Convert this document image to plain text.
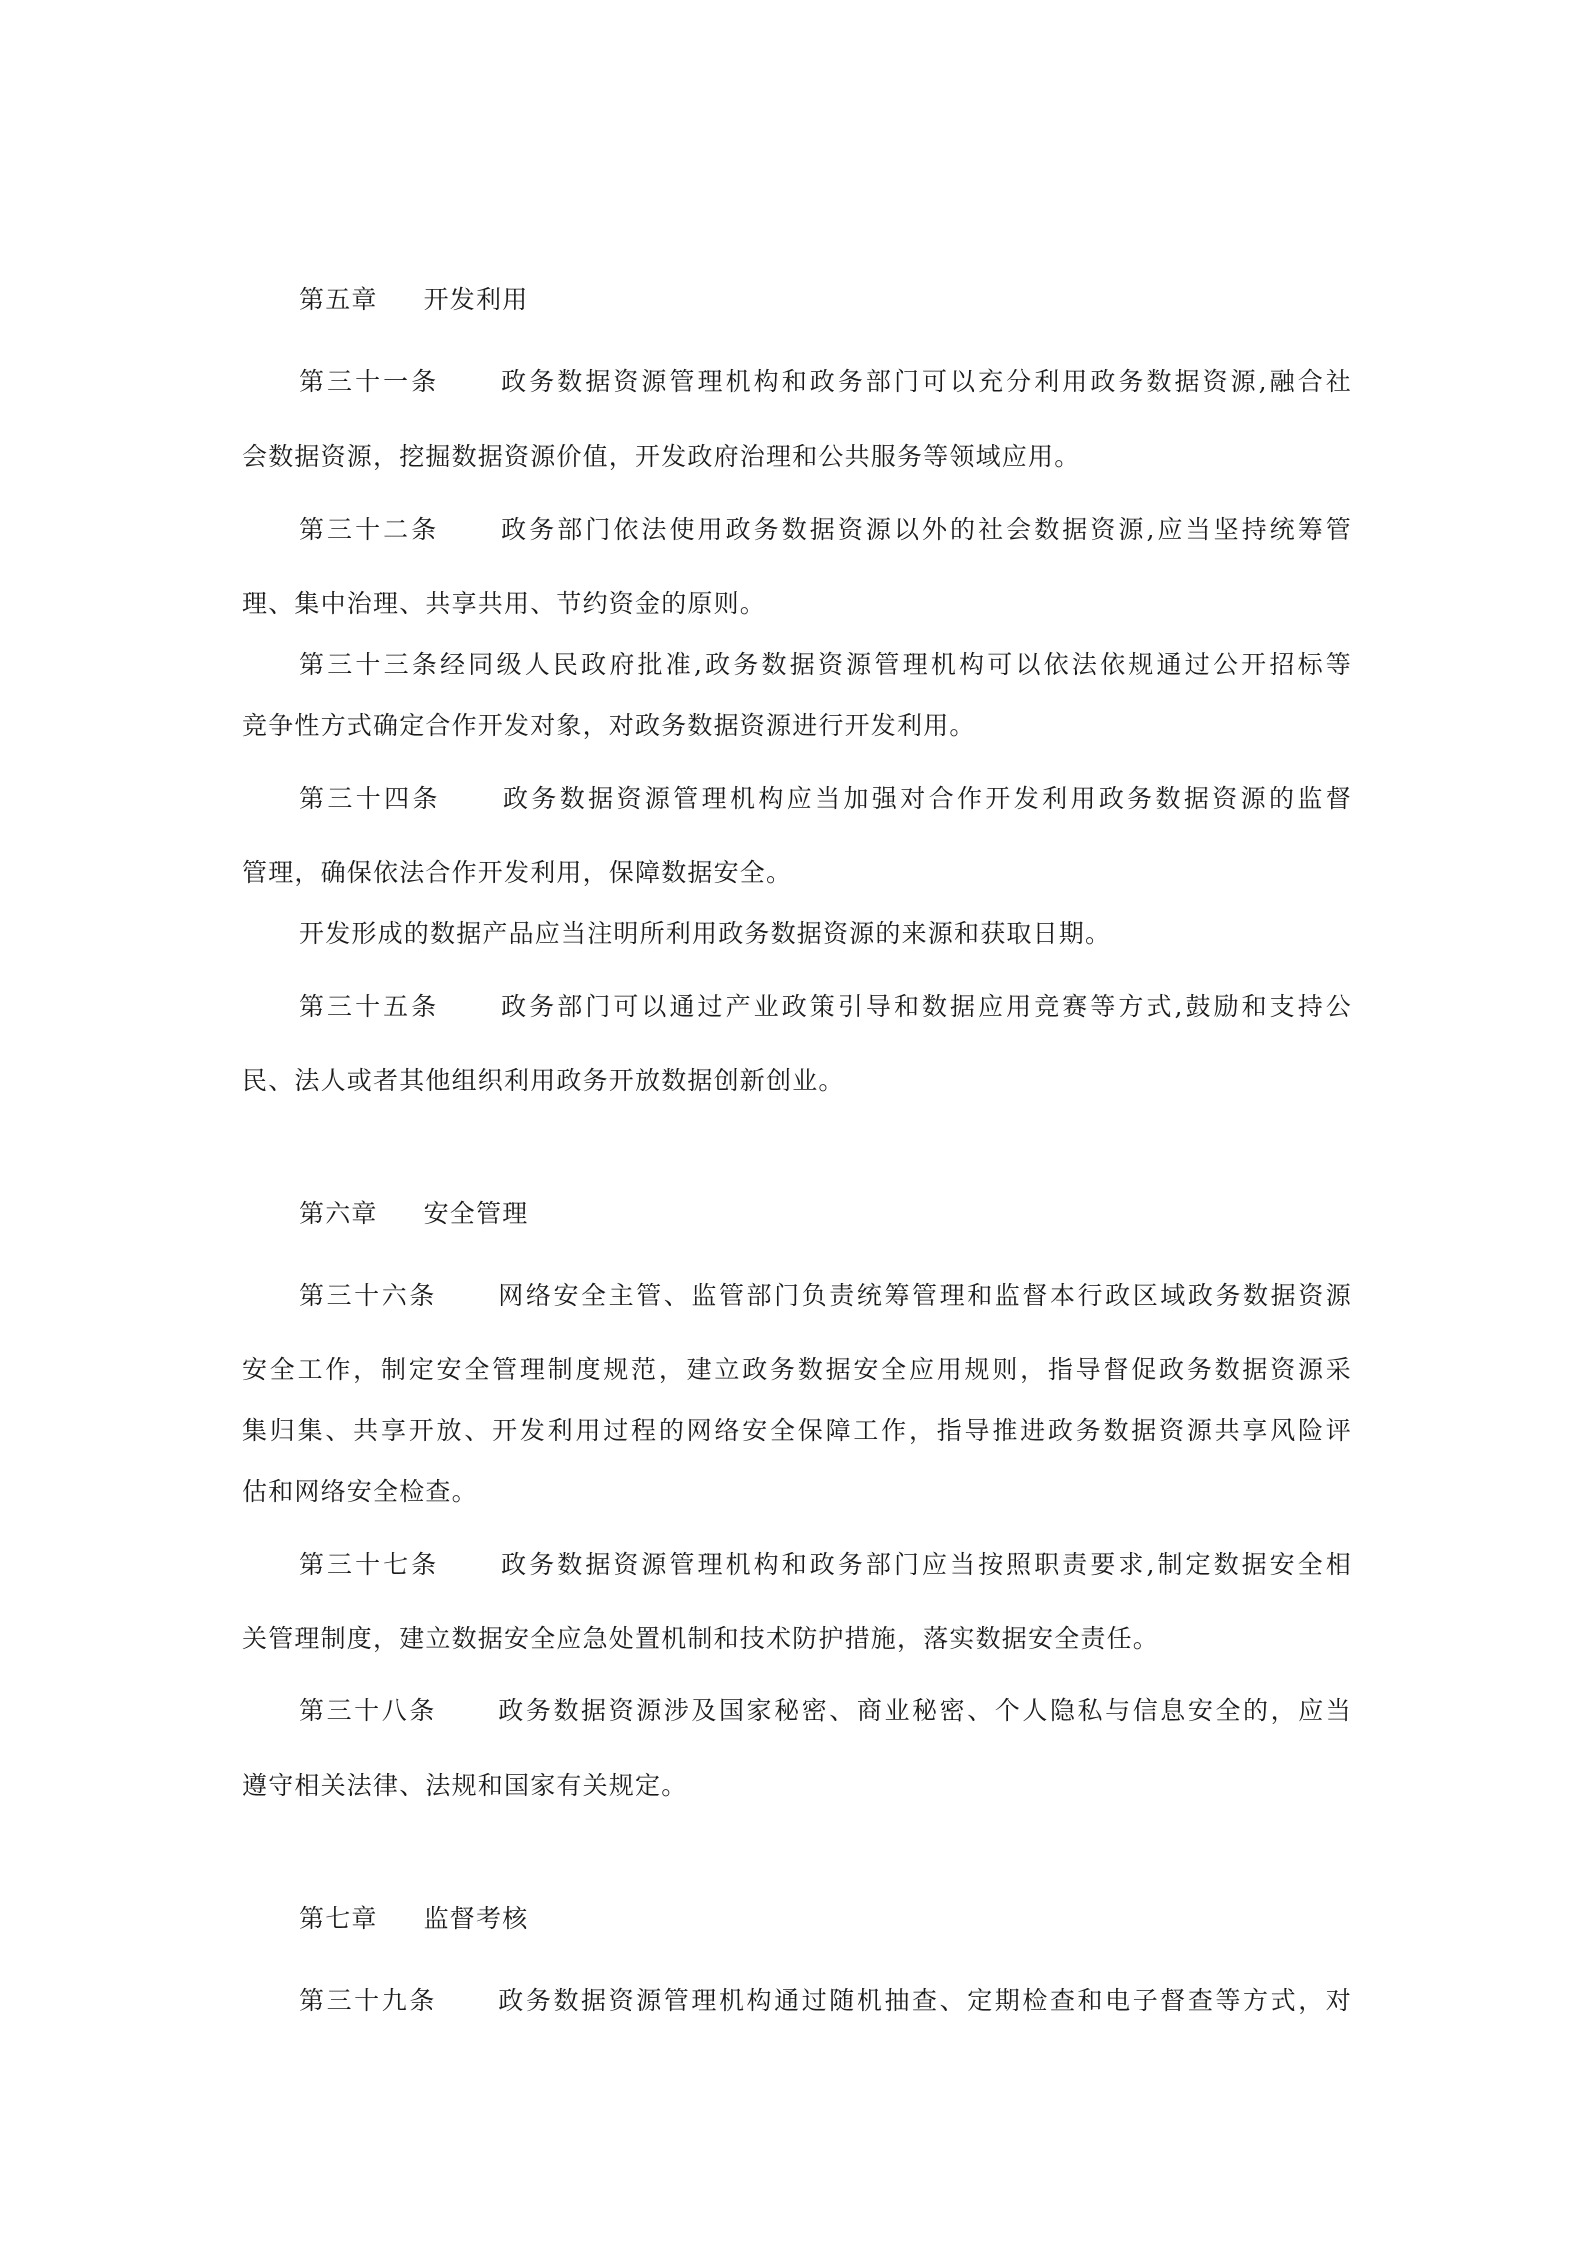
第五章 开发利用
第三十一条 政务数据资源管理机构和政务部门可以充分利用政务数据资源,融合社
会数据资源，挖掘数据资源价值，开发政府治理和公共服务等领域应用。
第三十二条 政务部门依法使用政务数据资源以外的社会数据资源,应当坚持统筹管
理、集中治理、共享共用、节约资金的原则。
第三十三条经同级人民政府批准,政务数据资源管理机构可以依法依规通过公开招标等
竞争性方式确定合作开发对象，对政务数据资源进行开发利用。
第三十四条 政务数据资源管理机构应当加强对合作开发利用政务数据资源的监督
管理，确保依法合作开发利用，保障数据安全。
开发形成的数据产品应当注明所利用政务数据资源的来源和获取日期。
第三十五条 政务部门可以通过产业政策引导和数据应用竞赛等方式,鼓励和支持公
民、法人或者其他组织利用政务开放数据创新创业。
第六章 安全管理
第三十六条 网络安全主管、监管部门负责统筹管理和监督本行政区域政务数据资源
安全工作，制定安全管理制度规范，建立政务数据安全应用规则，指导督促政务数据资源采
集归集、共享开放、开发利用过程的网络安全保障工作，指导推进政务数据资源共享风险评
估和网络安全检查。
第三十七条 政务数据资源管理机构和政务部门应当按照职责要求,制定数据安全相
关管理制度，建立数据安全应急处置机制和技术防护措施，落实数据安全责任。
第三十八条 政务数据资源涉及国家秘密、商业秘密、个人隐私与信息安全的，应当
遵守相关法律、法规和国家有关规定。
第七章 监督考核
第三十九条 政务数据资源管理机构通过随机抽查、定期检查和电子督查等方式，对
